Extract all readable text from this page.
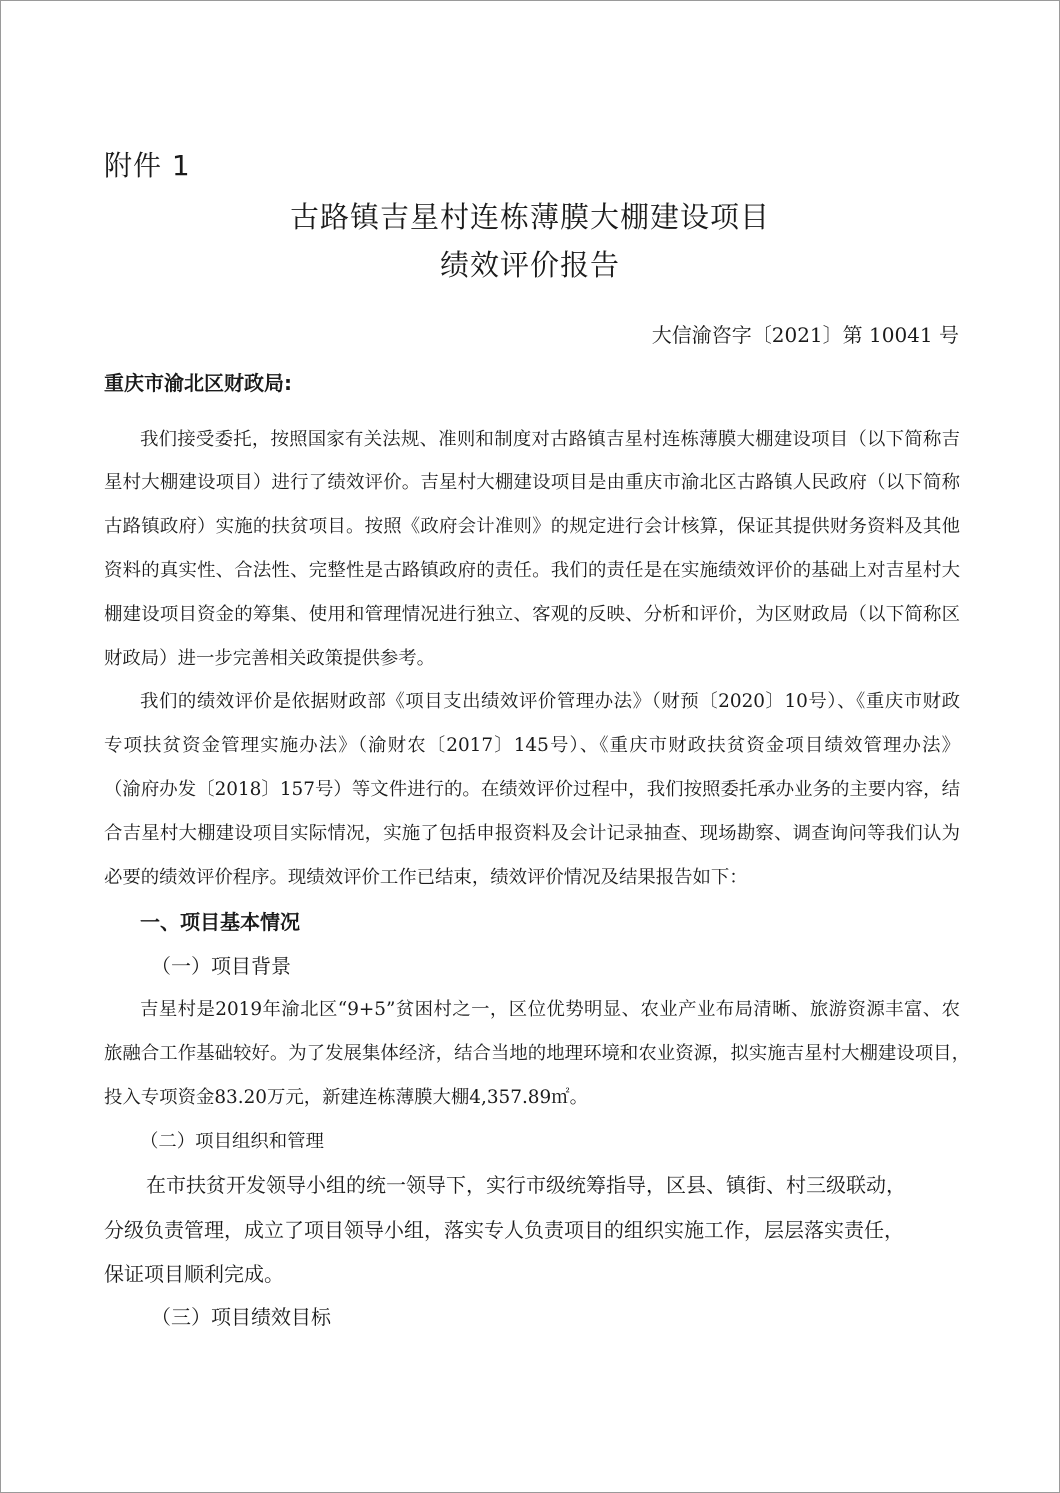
附件 1
古路镇吉星村连栋薄膜大棚建设项目
绩效评价报告
大信渝咨字〔2021〕第 10041 号
重庆市渝北区财政局:
我们接受委托，按照国家有关法规、准则和制度对古路镇吉星村连栋薄膜大棚建设项目（以下简称吉
星村大棚建设项目）进行了绩效评价。吉星村大棚建设项目是由重庆市渝北区古路镇人民政府（以下简称
古路镇政府）实施的扶贫项目。按照《政府会计准则》的规定进行会计核算，保证其提供财务资料及其他
资料的真实性、合法性、完整性是古路镇政府的责任。我们的责任是在实施绩效评价的基础上对吉星村大
棚建设项目资金的筹集、使用和管理情况进行独立、客观的反映、分析和评价，为区财政局（以下简称区
财政局）进一步完善相关政策提供参考。
我们的绩效评价是依据财政部《项目支出绩效评价管理办法》（财预〔2020〕10号）、《重庆市财政
专项扶贫资金管理实施办法》（渝财农〔2017〕145号）、《重庆市财政扶贫资金项目绩效管理办法》
（渝府办发〔2018〕157号）等文件进行的。在绩效评价过程中，我们按照委托承办业务的主要内容，结
合吉星村大棚建设项目实际情况，实施了包括申报资料及会计记录抽查、现场勘察、调查询问等我们认为
必要的绩效评价程序。现绩效评价工作已结束，绩效评价情况及结果报告如下：
一、项目基本情况
（一）项目背景
吉星村是2019年渝北区“9+5”贫困村之一，区位优势明显、农业产业布局清晰、旅游资源丰富、农
旅融合工作基础较好。为了发展集体经济，结合当地的地理环境和农业资源，拟实施吉星村大棚建设项目，
投入专项资金83.20万元，新建连栋薄膜大棚4,357.89㎡。
（二）项目组织和管理
在市扶贫开发领导小组的统一领导下，实行市级统筹指导，区县、镇街、村三级联动，
分级负责管理，成立了项目领导小组，落实专人负责项目的组织实施工作，层层落实责任，
保证项目顺利完成。
（三）项目绩效目标
